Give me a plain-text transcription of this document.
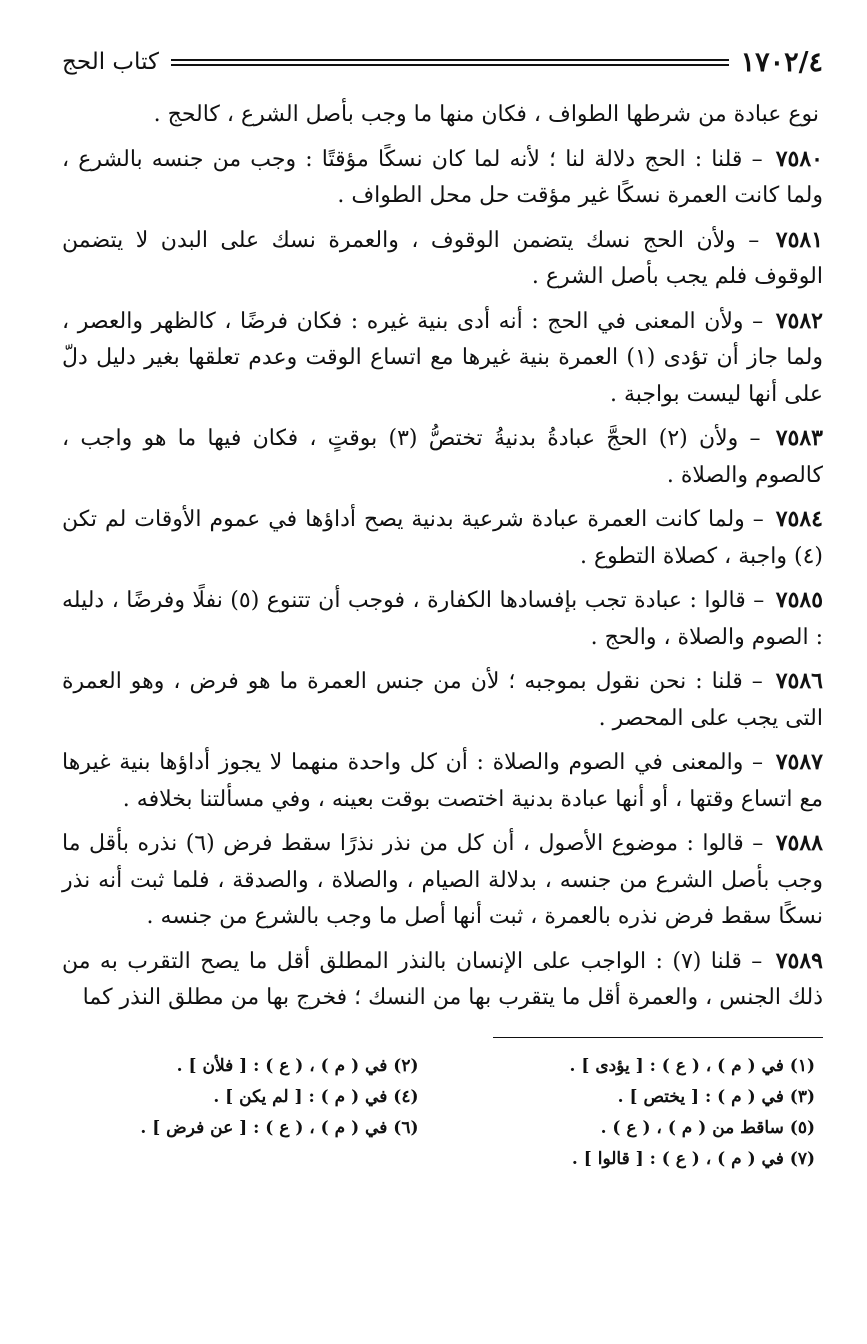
١٧٠٢/٤
كتاب الحج

نوع عبادة من شرطها الطواف ، فكان منها ما وجب بأصل الشرع ، كالحج .

٧٥٨٠ – قلنا : الحج دلالة لنا ؛ لأنه لما كان نسكًا مؤقتًا : وجب من جنسه بالشرع ، ولما كانت العمرة نسكًا غير مؤقت حل محل الطواف .

٧٥٨١ – ولأن الحج نسك يتضمن الوقوف ، والعمرة نسك على البدن لا يتضمن الوقوف فلم يجب بأصل الشرع .

٧٥٨٢ – ولأن المعنى في الحج : أنه أدى بنية غيره : فكان فرضًا ، كالظهر والعصر ، ولما جاز أن تؤدى (١) العمرة بنية غيرها مع اتساع الوقت وعدم تعلقها بغير دليل دلّ على أنها ليست بواجبة .

٧٥٨٣ – ولأن (٢) الحجَّ عبادةُ بدنيةُ تختصُّ (٣) بوقتٍ ، فكان فيها ما هو واجب ، كالصوم والصلاة .

٧٥٨٤ – ولما كانت العمرة عبادة شرعية بدنية يصح أداؤها في عموم الأوقات لم تكن (٤) واجبة ، كصلاة التطوع .

٧٥٨٥ – قالوا : عبادة تجب بإفسادها الكفارة ، فوجب أن تتنوع (٥) نفلًا وفرضًا ، دليله : الصوم والصلاة ، والحج .

٧٥٨٦ – قلنا : نحن نقول بموجبه ؛ لأن من جنس العمرة ما هو فرض ، وهو العمرة التى يجب على المحصر .

٧٥٨٧ – والمعنى في الصوم والصلاة : أن كل واحدة منهما لا يجوز أداؤها بنية غيرها مع اتساع وقتها ، أو أنها عبادة بدنية اختصت بوقت بعينه ، وفي مسألتنا بخلافه .

٧٥٨٨ – قالوا : موضوع الأصول ، أن كل من نذر نذرًا سقط فرض (٦) نذره بأقل ما وجب بأصل الشرع من جنسه ، بدلالة الصيام ، والصلاة ، والصدقة ، فلما ثبت أنه نذر نسكًا سقط فرض نذره بالعمرة ، ثبت أنها أصل ما وجب بالشرع من جنسه .

٧٥٨٩ – قلنا (٧) : الواجب على الإنسان بالنذر المطلق أقل ما يصح التقرب به من ذلك الجنس ، والعمرة أقل ما يتقرب بها من النسك ؛ فخرج بها من مطلق النذر كما

(١) في ( م ) ، ( ع ) : [ يؤدى ] .
(٢) في ( م ) ، ( ع ) : [ فلأن ] .
(٣) في ( م ) : [ يختص ] .
(٤) في ( م ) : [ لم يكن ] .
(٥) ساقط من ( م ) ، ( ع ) .
(٦) في ( م ) ، ( ع ) : [ عن فرض ] .
(٧) في ( م ) ، ( ع ) : [ قالوا ] .
